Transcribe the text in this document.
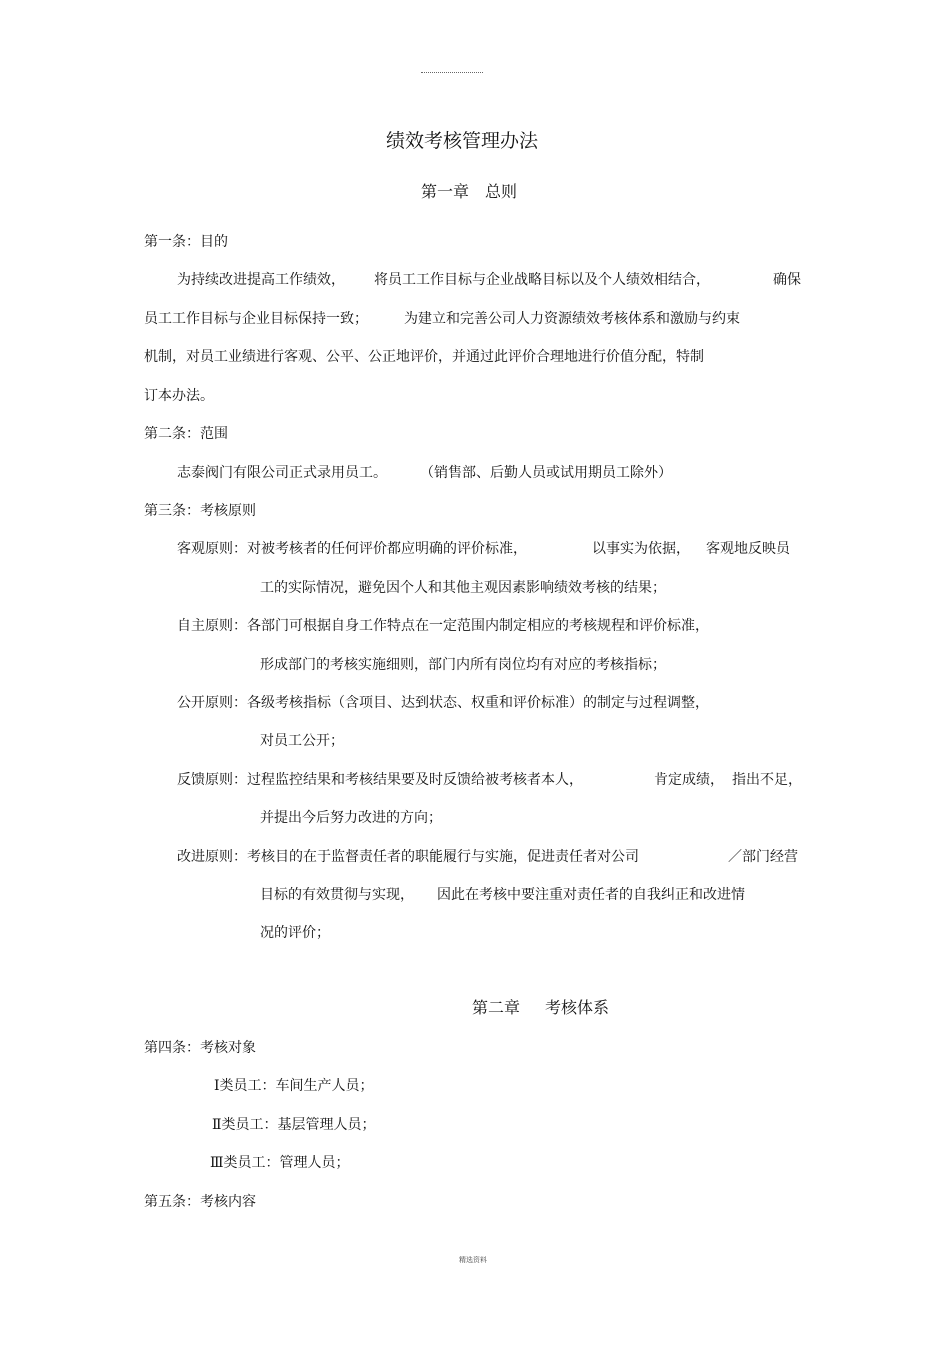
绩效考核管理办法
第一章 总则
第一条：目的
为持续改进提高工作绩效， 将员工工作目标与企业战略目标以及个人绩效相结合，	确保
员工工作目标与企业目标保持一致；	为建立和完善公司人力资源绩效考核体系和激励与约束
机制，对员工业绩进行客观、公平、公正地评价，并通过此评价合理地进行价值分配，特制
订本办法。
第二条：范围
志泰阀门有限公司正式录用员工。 （销售部、后勤人员或试用期员工除外）
第三条：考核原则
客观原则：对被考核者的任何评价都应明确的评价标准，	以事实为依据， 客观地反映员
工的实际情况，避免因个人和其他主观因素影响绩效考核的结果；
自主原则：各部门可根据自身工作特点在一定范围内制定相应的考核规程和评价标准，
形成部门的考核实施细则，部门内所有岗位均有对应的考核指标；
公开原则：各级考核指标（含项目、达到状态、权重和评价标准）的制定与过程调整，
对员工公开；
反馈原则：过程监控结果和考核结果要及时反馈给被考核者本人，	肯定成绩， 指出不足，
并提出今后努力改进的方向；
改进原则：考核目的在于监督责任者的职能履行与实施，促进责任者对公司	／部门经营
目标的有效贯彻与实现， 因此在考核中要注重对责任者的自我纠正和改进情
况的评价；
第二章 考核体系
第四条：考核对象
Ⅰ类员工：车间生产人员；
Ⅱ类员工：基层管理人员；
Ⅲ类员工：管理人员；
第五条：考核内容
精选资料
